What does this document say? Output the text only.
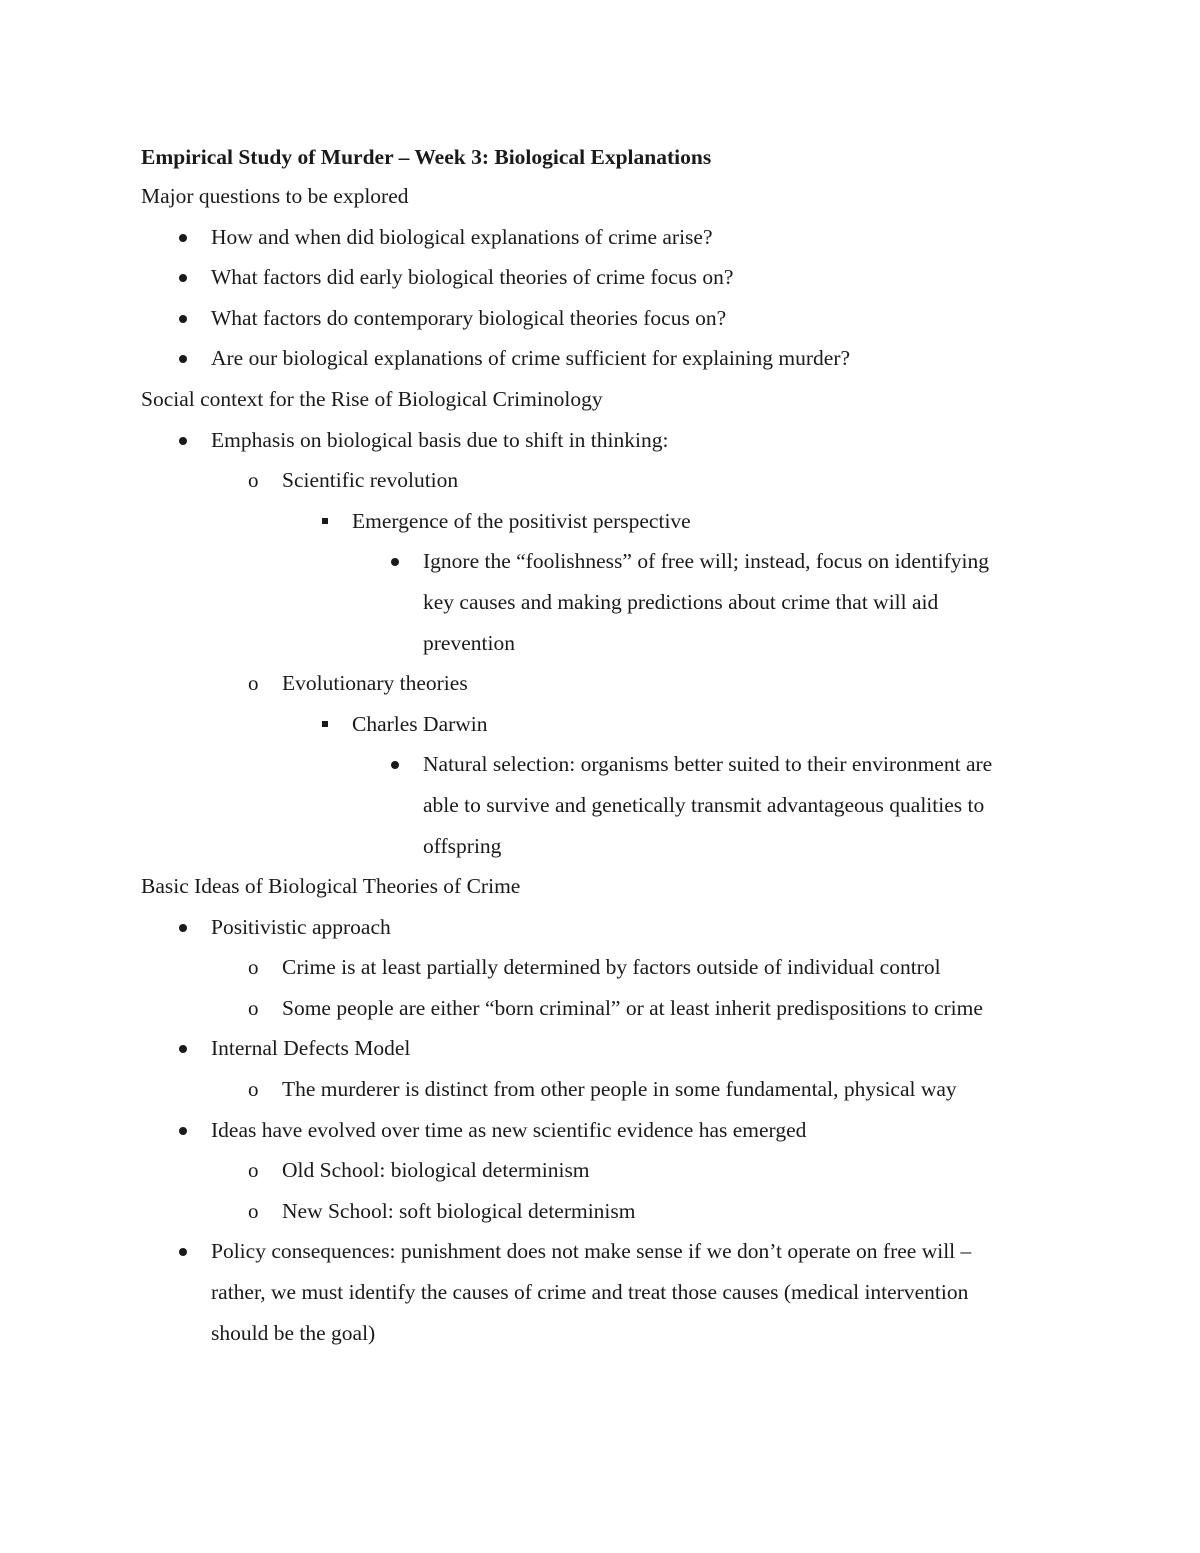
Empirical Study of Murder – Week 3: Biological Explanations
Major questions to be explored
How and when did biological explanations of crime arise?
What factors did early biological theories of crime focus on?
What factors do contemporary biological theories focus on?
Are our biological explanations of crime sufficient for explaining murder?
Social context for the Rise of Biological Criminology
Emphasis on biological basis due to shift in thinking:
o Scientific revolution
Emergence of the positivist perspective
Ignore the “foolishness” of free will; instead, focus on identifying
key causes and making predictions about crime that will aid
prevention
o Evolutionary theories
Charles Darwin
Natural selection: organisms better suited to their environment are
able to survive and genetically transmit advantageous qualities to
offspring
Basic Ideas of Biological Theories of Crime
Positivistic approach
o Crime is at least partially determined by factors outside of individual control
o Some people are either “born criminal” or at least inherit predispositions to crime
Internal Defects Model
o The murderer is distinct from other people in some fundamental, physical way
Ideas have evolved over time as new scientific evidence has emerged
o Old School: biological determinism
o New School: soft biological determinism
Policy consequences: punishment does not make sense if we don’t operate on free will –
rather, we must identify the causes of crime and treat those causes (medical intervention
should be the goal)
